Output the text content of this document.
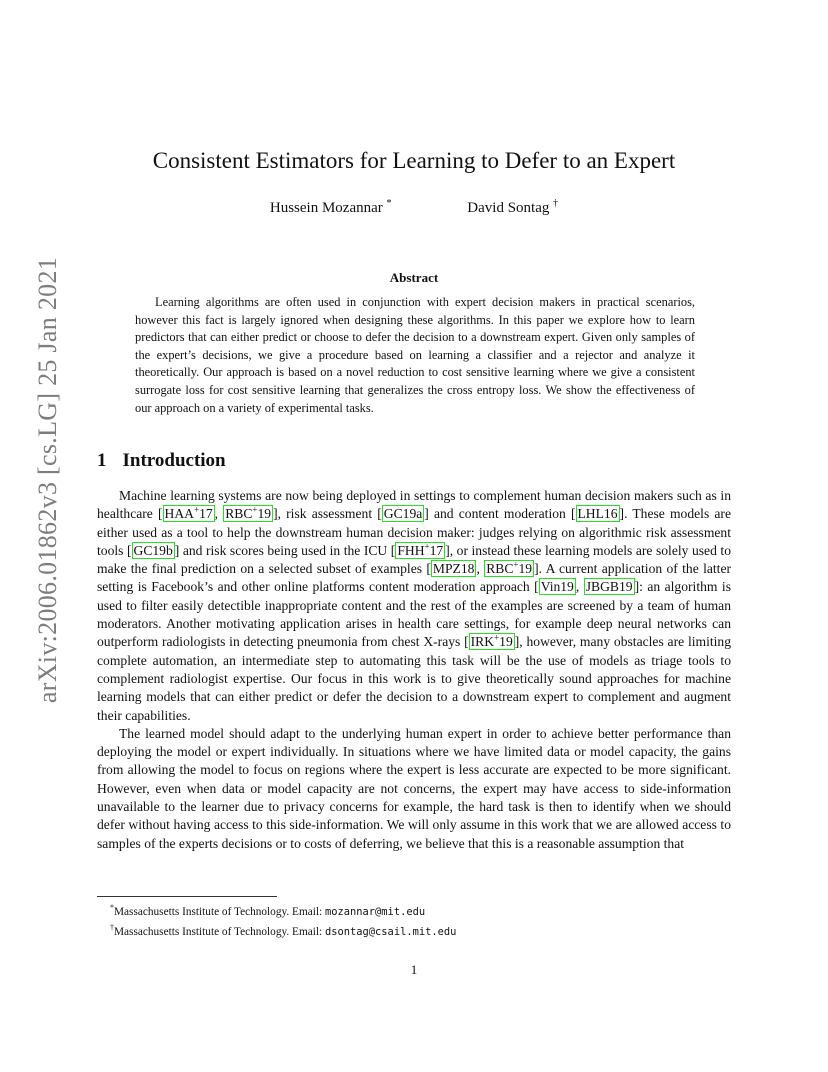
arXiv:2006.01862v3 [cs.LG] 25 Jan 2021
Consistent Estimators for Learning to Defer to an Expert
Hussein Mozannar *	David Sontag †
Abstract

Learning algorithms are often used in conjunction with expert decision makers in practical scenarios, however this fact is largely ignored when designing these algorithms. In this paper we explore how to learn predictors that can either predict or choose to defer the decision to a downstream expert. Given only samples of the expert’s decisions, we give a procedure based on learning a classifier and a rejector and analyze it theoretically. Our approach is based on a novel reduction to cost sensitive learning where we give a consistent surrogate loss for cost sensitive learning that generalizes the cross entropy loss. We show the effectiveness of our approach on a variety of experimental tasks.

1 Introduction

Machine learning systems are now being deployed in settings to complement human decision makers such as in healthcare [ HAA+17 , RBC+19 ], risk assessment [ GC19a ] and content moderation [ LHL16 ]. These models are either used as a tool to help the downstream human decision maker: judges relying on algorithmic risk assessment tools [ GC19b ] and risk scores being used in the ICU [ FHH+17 ], or instead these learning models are solely used to make the final prediction on a selected subset of examples [ MPZ18 , RBC+19 ]. A current application of the latter setting is Facebook’s and other online platforms content moderation approach [ Vin19 , JBGB19 ]: an algorithm is used to filter easily detectible inappropriate content and the rest of the examples are screened by a team of human moderators. Another motivating application arises in health care settings, for example deep neural networks can outperform radiologists in detecting pneumonia from chest X-rays [ IRK+19 ], however, many obstacles are limiting complete automation, an intermediate step to automating this task will be the use of models as triage tools to complement radiologist expertise. Our focus in this work is to give theoretically sound approaches for machine learning models that can either predict or defer the decision to a downstream expert to complement and augment their capabilities.

The learned model should adapt to the underlying human expert in order to achieve better performance than deploying the model or expert individually. In situations where we have limited data or model capacity, the gains from allowing the model to focus on regions where the expert is less accurate are expected to be more significant. However, even when data or model capacity are not concerns, the expert may have access to side-information unavailable to the learner due to privacy concerns for example, the hard task is then to identify when we should defer without having access to this side-information. We will only assume in this work that we are allowed access to samples of the experts decisions or to costs of deferring, we believe that this is a reasonable assumption that

*Massachusetts Institute of Technology. Email: mozannar@mit.edu
†Massachusetts Institute of Technology. Email: dsontag@csail.mit.edu
1
